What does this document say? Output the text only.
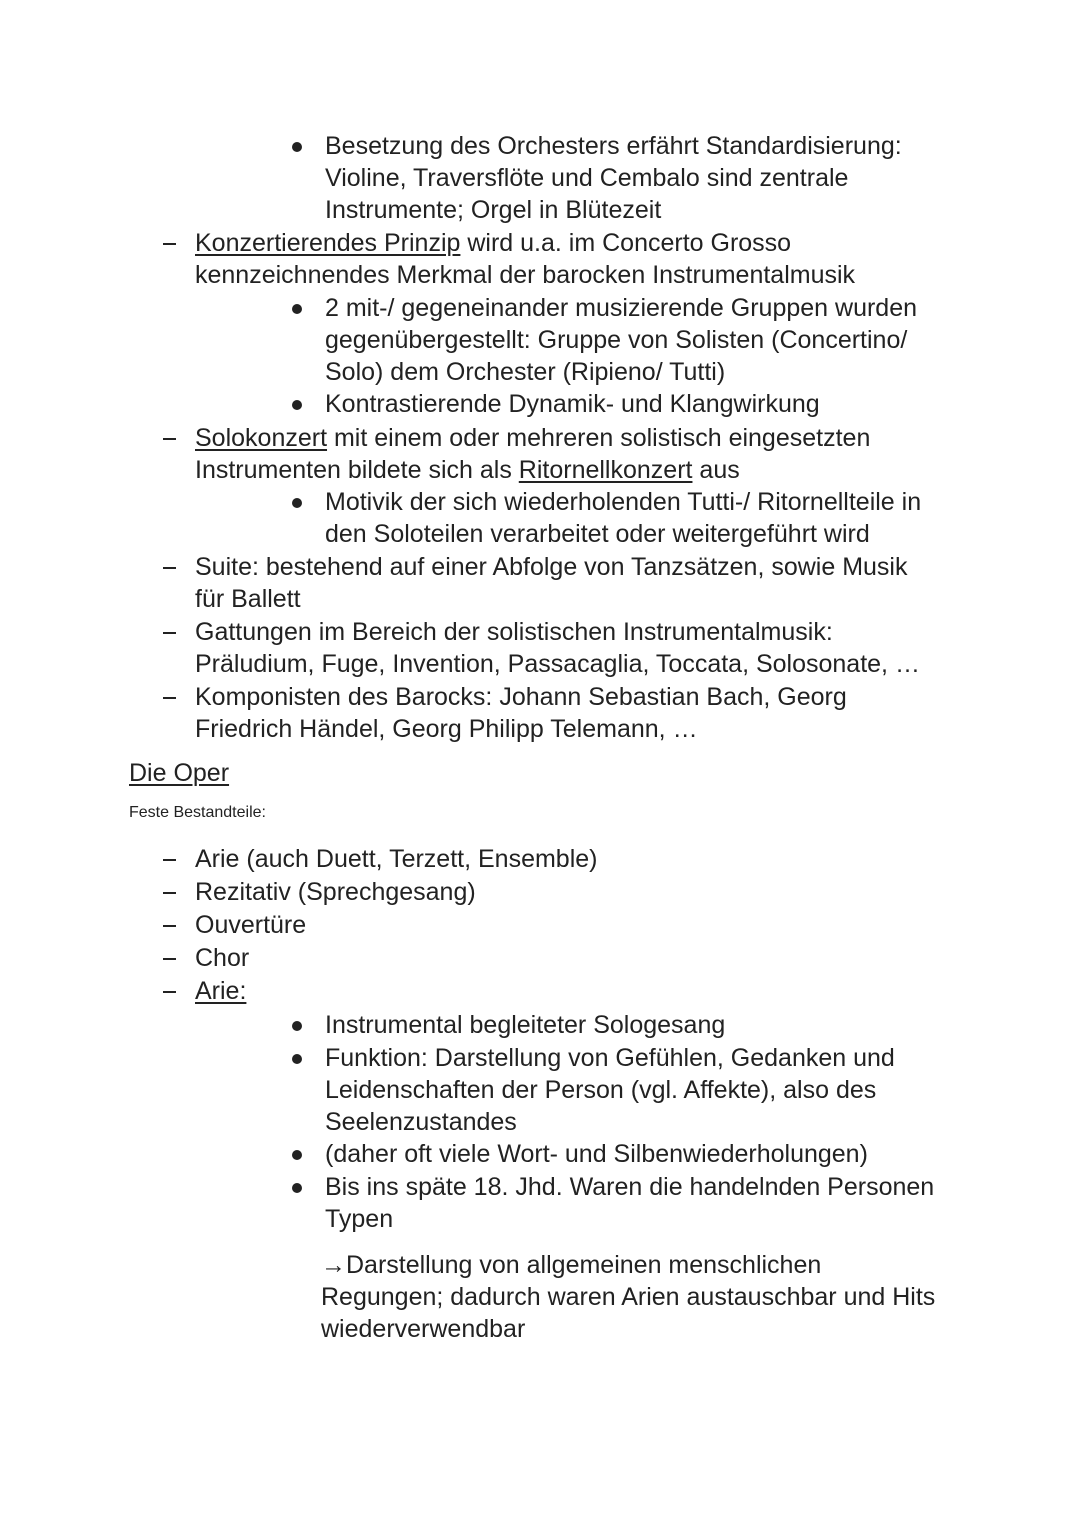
Besetzung des Orchesters erfährt Standardisierung:
Violine, Traversflöte und Cembalo sind zentrale
Instrumente; Orgel in Blütezeit
Konzertierendes Prinzip wird u.a. im Concerto Grosso
kennzeichnendes Merkmal der barocken Instrumentalmusik
2 mit-/ gegeneinander musizierende Gruppen wurden
gegenübergestellt: Gruppe von Solisten (Concertino/
Solo) dem Orchester (Ripieno/ Tutti)
Kontrastierende Dynamik- und Klangwirkung
Solokonzert mit einem oder mehreren solistisch eingesetzten
Instrumenten bildete sich als Ritornellkonzert aus
Motivik der sich wiederholenden Tutti-/ Ritornellteile in
den Soloteilen verarbeitet oder weitergeführt wird
Suite: bestehend auf einer Abfolge von Tanzsätzen, sowie Musik
für Ballett
Gattungen im Bereich der solistischen Instrumentalmusik:
Präludium, Fuge, Invention, Passacaglia, Toccata, Solosonate, …
Komponisten des Barocks: Johann Sebastian Bach, Georg
Friedrich Händel, Georg Philipp Telemann, …
Die Oper
Feste Bestandteile:
Arie (auch Duett, Terzett, Ensemble)
Rezitativ (Sprechgesang)
Ouvertüre
Chor
Arie:
Instrumental begleiteter Sologesang
Funktion: Darstellung von Gefühlen, Gedanken und
Leidenschaften der Person (vgl. Affekte), also des
Seelenzustandes
(daher oft viele Wort- und Silbenwiederholungen)
Bis ins späte 18. Jhd. Waren die handelnden Personen
Typen
→Darstellung von allgemeinen menschlichen
Regungen; dadurch waren Arien austauschbar und Hits
wiederverwendbar
